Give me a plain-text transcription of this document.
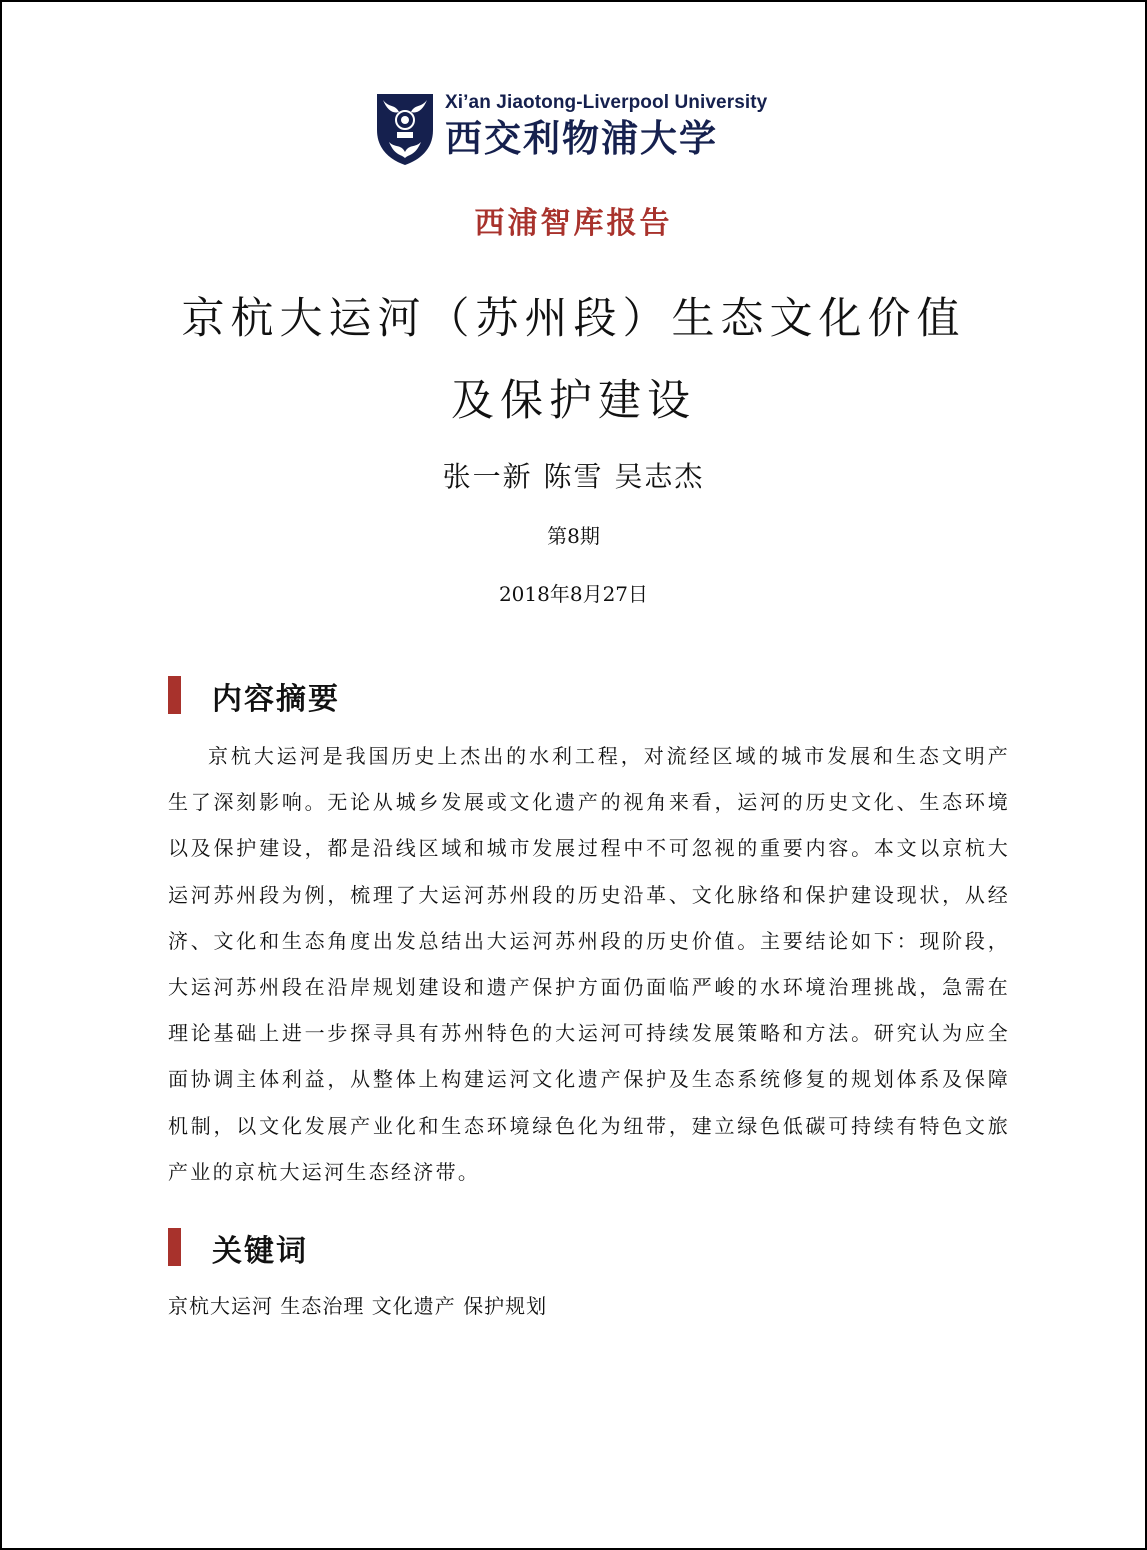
Xi’an Jiaotong-Liverpool University
西交利物浦大学
西浦智库报告
京杭大运河（苏州段）生态文化价值
及保护建设
张一新 陈雪 吴志杰
第8期
2018年8月27日
内容摘要
京杭大运河是我国历史上杰出的水利工程，对流经区域的城市发展和生态文明产生了深刻影响。无论从城乡发展或文化遗产的视角来看，运河的历史文化、生态环境以及保护建设，都是沿线区域和城市发展过程中不可忽视的重要内容。本文以京杭大运河苏州段为例，梳理了大运河苏州段的历史沿革、文化脉络和保护建设现状，从经济、文化和生态角度出发总结出大运河苏州段的历史价值。主要结论如下：现阶段，大运河苏州段在沿岸规划建设和遗产保护方面仍面临严峻的水环境治理挑战，急需在理论基础上进一步探寻具有苏州特色的大运河可持续发展策略和方法。研究认为应全面协调主体利益，从整体上构建运河文化遗产保护及生态系统修复的规划体系及保障机制，以文化发展产业化和生态环境绿色化为纽带，建立绿色低碳可持续有特色文旅产业的京杭大运河生态经济带。
关键词
京杭大运河 生态治理 文化遗产 保护规划
